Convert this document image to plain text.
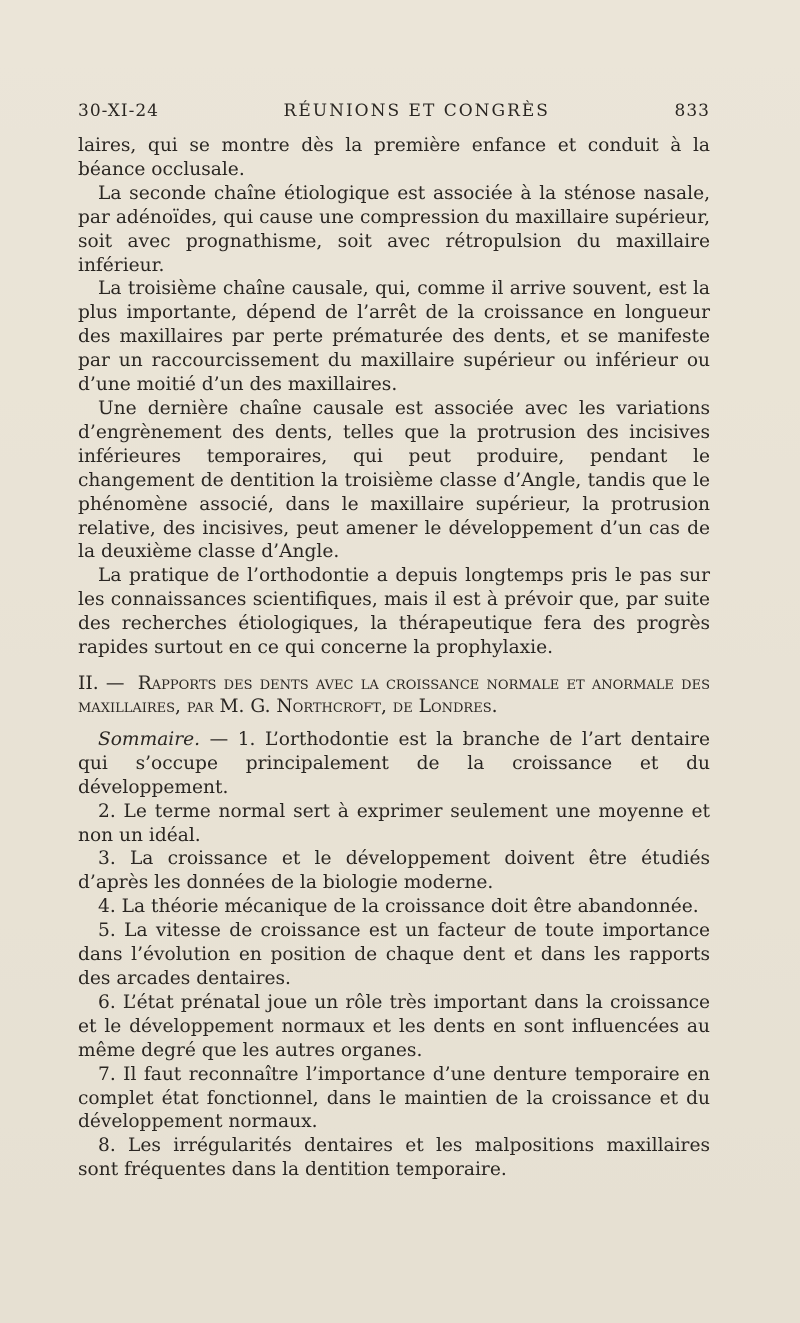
30-XI-24	RÉUNIONS ET CONGRÈS	833

laires, qui se montre dès la première enfance et conduit à la béance occlusale.

La seconde chaîne étiologique est associée à la sténose nasale, par adénoïdes, qui cause une compression du maxillaire supérieur, soit avec prognathisme, soit avec rétropulsion du maxillaire inférieur.

La troisième chaîne causale, qui, comme il arrive souvent, est la plus importante, dépend de l’arrêt de la croissance en longueur des maxillaires par perte prématurée des dents, et se manifeste par un raccourcissement du maxillaire supérieur ou inférieur ou d’une moitié d’un des maxillaires.

Une dernière chaîne causale est associée avec les variations d’engrènement des dents, telles que la protrusion des incisives inférieures temporaires, qui peut produire, pendant le changement de dentition la troisième classe d’Angle, tandis que le phénomène associé, dans le maxillaire supérieur, la protrusion relative, des incisives, peut amener le développement d’un cas de la deuxième classe d’Angle.

La pratique de l’orthodontie a depuis longtemps pris le pas sur les connaissances scientifiques, mais il est à prévoir que, par suite des recherches étiologiques, la thérapeutique fera des progrès rapides surtout en ce qui concerne la prophylaxie.

II. — Rapports des dents avec la croissance normale et anormale des maxillaires, par M. G. Northcroft, de Londres.

Sommaire. — 1. L’orthodontie est la branche de l’art dentaire qui s’occupe principalement de la croissance et du développement.

2. Le terme normal sert à exprimer seulement une moyenne et non un idéal.

3. La croissance et le développement doivent être étudiés d’après les données de la biologie moderne.

4. La théorie mécanique de la croissance doit être abandonnée.

5. La vitesse de croissance est un facteur de toute importance dans l’évolution en position de chaque dent et dans les rapports des arcades dentaires.

6. L’état prénatal joue un rôle très important dans la croissance et le développement normaux et les dents en sont influencées au même degré que les autres organes.

7. Il faut reconnaître l’importance d’une denture temporaire en complet état fonctionnel, dans le maintien de la croissance et du développement normaux.

8. Les irrégularités dentaires et les malpositions maxillaires sont fréquentes dans la dentition temporaire.
